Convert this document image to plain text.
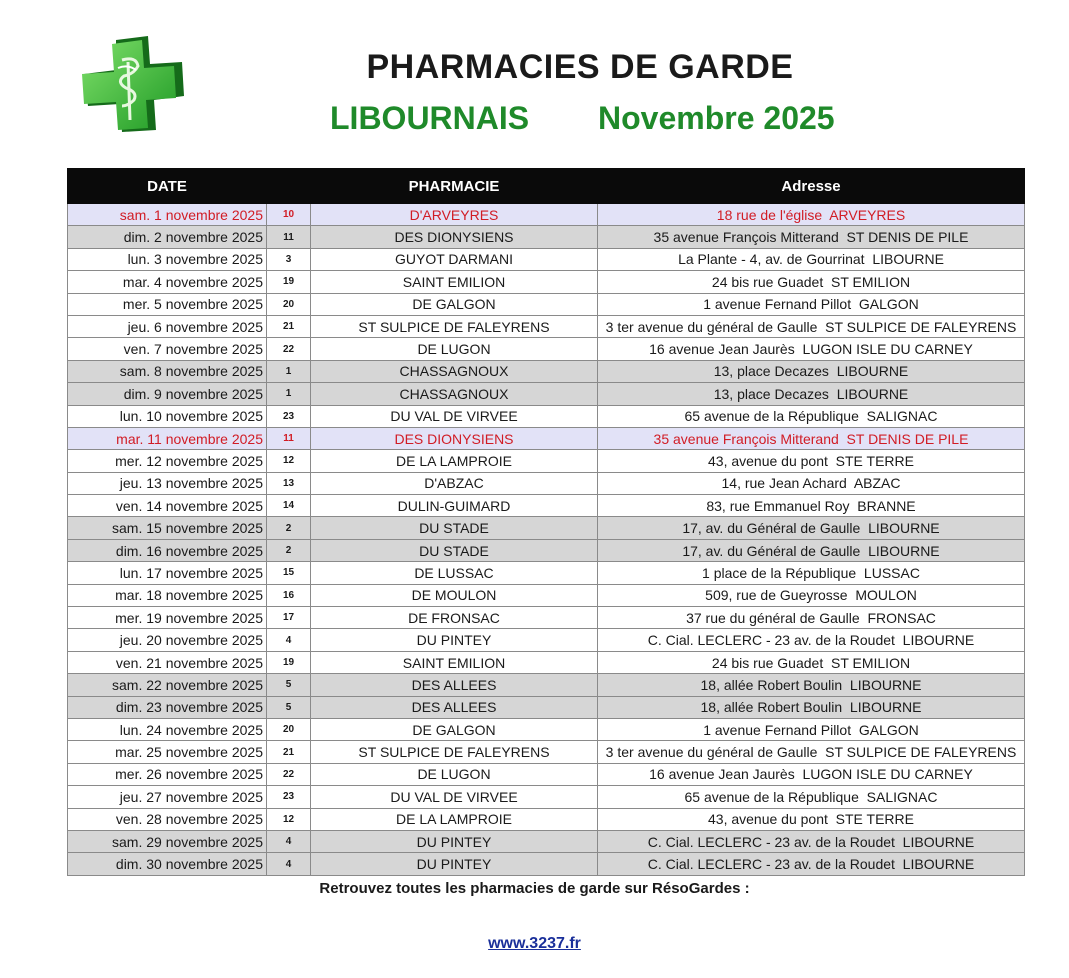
PHARMACIES DE GARDE
LIBOURNAIS Novembre 2025
DATE		PHARMACIE	Adresse
sam. 1 novembre 2025	10	D'ARVEYRES	18 rue de l'église  ARVEYRES
dim. 2 novembre 2025	11	DES DIONYSIENS	35 avenue François Mitterand  ST DENIS DE PILE
lun. 3 novembre 2025	3	GUYOT DARMANI	La Plante - 4, av. de Gourrinat  LIBOURNE
mar. 4 novembre 2025	19	SAINT EMILION	24 bis rue Guadet  ST EMILION
mer. 5 novembre 2025	20	DE GALGON	1 avenue Fernand Pillot  GALGON
jeu. 6 novembre 2025	21	ST SULPICE DE FALEYRENS	3 ter avenue du général de Gaulle  ST SULPICE DE FALEYRENS
ven. 7 novembre 2025	22	DE LUGON	16 avenue Jean Jaurès  LUGON ISLE DU CARNEY
sam. 8 novembre 2025	1	CHASSAGNOUX	13, place Decazes  LIBOURNE
dim. 9 novembre 2025	1	CHASSAGNOUX	13, place Decazes  LIBOURNE
lun. 10 novembre 2025	23	DU VAL DE VIRVEE	65 avenue de la République  SALIGNAC
mar. 11 novembre 2025	11	DES DIONYSIENS	35 avenue François Mitterand  ST DENIS DE PILE
mer. 12 novembre 2025	12	DE LA LAMPROIE	43, avenue du pont  STE TERRE
jeu. 13 novembre 2025	13	D'ABZAC	14, rue Jean Achard  ABZAC
ven. 14 novembre 2025	14	DULIN-GUIMARD	83, rue Emmanuel Roy  BRANNE
sam. 15 novembre 2025	2	DU STADE	17, av. du Général de Gaulle  LIBOURNE
dim. 16 novembre 2025	2	DU STADE	17, av. du Général de Gaulle  LIBOURNE
lun. 17 novembre 2025	15	DE LUSSAC	1 place de la République  LUSSAC
mar. 18 novembre 2025	16	DE MOULON	509, rue de Gueyrosse  MOULON
mer. 19 novembre 2025	17	DE FRONSAC	37 rue du général de Gaulle  FRONSAC
jeu. 20 novembre 2025	4	DU PINTEY	C. Cial. LECLERC - 23 av. de la Roudet  LIBOURNE
ven. 21 novembre 2025	19	SAINT EMILION	24 bis rue Guadet  ST EMILION
sam. 22 novembre 2025	5	DES ALLEES	18, allée Robert Boulin  LIBOURNE
dim. 23 novembre 2025	5	DES ALLEES	18, allée Robert Boulin  LIBOURNE
lun. 24 novembre 2025	20	DE GALGON	1 avenue Fernand Pillot  GALGON
mar. 25 novembre 2025	21	ST SULPICE DE FALEYRENS	3 ter avenue du général de Gaulle  ST SULPICE DE FALEYRENS
mer. 26 novembre 2025	22	DE LUGON	16 avenue Jean Jaurès  LUGON ISLE DU CARNEY
jeu. 27 novembre 2025	23	DU VAL DE VIRVEE	65 avenue de la République  SALIGNAC
ven. 28 novembre 2025	12	DE LA LAMPROIE	43, avenue du pont  STE TERRE
sam. 29 novembre 2025	4	DU PINTEY	C. Cial. LECLERC - 23 av. de la Roudet  LIBOURNE
dim. 30 novembre 2025	4	DU PINTEY	C. Cial. LECLERC - 23 av. de la Roudet  LIBOURNE
Retrouvez toutes les pharmacies de garde sur RésoGardes :
www.3237.fr
